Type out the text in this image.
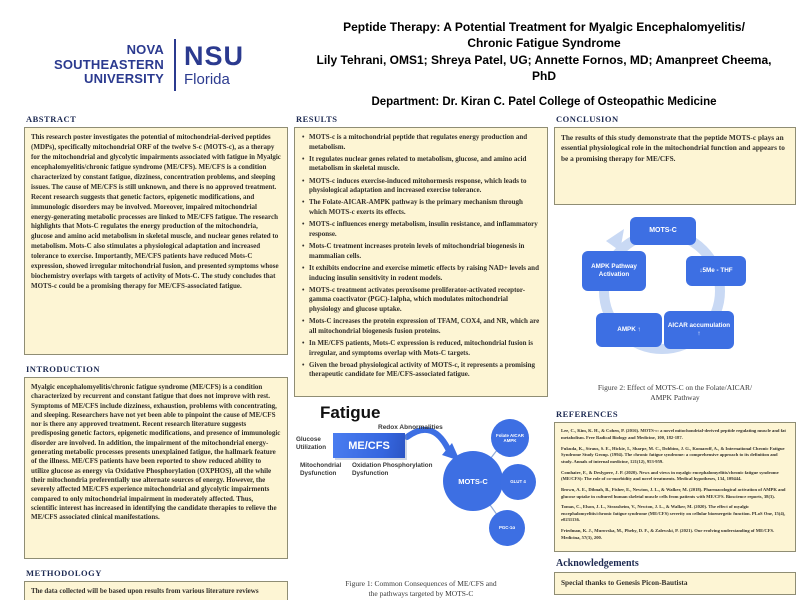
NOVA SOUTHEASTERN
UNIVERSITY
NSU
Florida
Peptide Therapy: A Potential Treatment for Myalgic Encephalomyelitis/
Chronic Fatigue Syndrome
Lily Tehrani, OMS1; Shreya Patel, UG; Annette Fornos, MD; Amanpreet Cheema, PhD
Department: Dr. Kiran C. Patel College of Osteopathic Medicine
ABSTRACT
This research poster investigates the potential of mitochondrial-derived peptides (MDPs), specifically mitochondrial ORF of the twelve S-c (MOTS-c), as a therapy for the mitochondrial and glycolytic impairments associated with fatigue in Myalgic encephalomyelitis/chronic fatigue syndrome (ME/CFS). ME/CFS is a condition characterized by constant fatigue, dizziness, concentration problems, and sleeping issues. The cause of ME/CFS is still unknown, and there is no approved treatment. Recent research suggests that genetic factors, epigenetic modifications, and immunologic disorders may be involved. Moreover, impaired mitochondrial energy-generating metabolic processes are linked to ME/CFS fatigue. The research highlights that Mots-C regulates the energy production of the mitochondria, glucose and amino acid metabolism in skeletal muscle, and nuclear genes related to metabolism. Mots-C also stimulates a physiological adaptation and increased tolerance to exercise. Importantly, ME/CFS patients have reduced Mots-C expression, showed irregular mitochondrial fusion, and presented symptoms whose biochemistry overlaps with targets of activity of Mots-C. The study concludes that MOTS-c could be a promising therapy for ME/CFS-associated fatigue.
INTRODUCTION
Myalgic encephalomyelitis/chronic fatigue syndrome (ME/CFS) is a condition characterized by recurrent and constant fatigue that does not improve with rest. Symptoms of ME/CFS include dizziness, exhaustion, problems with concentrating, and sleeping. Researchers have not yet been able to pinpoint the cause of ME/CFS nor is there any approved treatment. Recent research literature suggests predisposing genetic factors, epigenetic modifications, and presence of immunologic disorder are involved. In addition, the impairment of the mitochondrial energy-generating metabolic processes presents unexplained fatigue, the hallmark feature of the illness. ME/CFS patients have been reported to show reduced ability to utilize glucose as energy via Oxidative Phosphorylation (OXPHOS), all the while their mitochondria preferentially use alternate sources of energy. However, the severely affected ME/CFS experience mitochondrial and glycolytic impairments compared to only mitochondrial impairment in moderately affected. Thus, scientific interest has increased in identifying the candidate therapies to relieve the ME/CFS associated clinical manifestations.
METHODOLOGY
The data collected will be based upon results from various literature reviews
RESULTS
• MOTS-c is a mitochondrial peptide that regulates energy production and metabolism.
• It regulates nuclear genes related to metabolism, glucose, and amino acid metabolism in skeletal muscle.
• MOTS-c induces exercise-induced mitohormesis response, which leads to physiological adaptation and increased exercise tolerance.
• The Folate-AICAR-AMPK pathway is the primary mechanism through which MOTS-c exerts its effects.
• MOTS-c influences energy metabolism, insulin resistance, and inflammatory response.
• Mots-C treatment increases protein levels of mitochondrial biogenesis in mammalian cells.
• It exhibits endocrine and exercise mimetic effects by raising NAD+ levels and inducing insulin sensitivity in rodent models.
• MOTS-c treatment activates peroxisome proliferator-activated receptor-gamma coactivator (PGC)-1alpha, which modulates mitochondrial physiology and glucose uptake.
• Mots-C increases the protein expression of TFAM, COX4, and NR, which are all mitochondrial biogenesis fusion proteins.
• In ME/CFS patients, Mots-C expression is reduced, mitochondrial fusion is irregular, and symptoms overlap with Mots-C targets.
• Given the broad physiological activity of MOTS-c, it represents a promising therapeutic candidate for ME/CFS-associated fatigue.
Fatigue
Redox Abnormalities
ME/CFS
Glucose Utilization
Mitochondrial Dysfunction
Oxidation Phosphorylation Dysfunction
MOTS-C
Folate AICAR AMPK
GLUT 4
PGC-1α
Figure 1: Common Consequences of ME/CFS and
the pathways targeted by MOTS-C
CONCLUSION
The results of this study demonstrate that the peptide MOTS-c plays an essential physiological role in the mitochondrial function and appears to be a promising therapy for ME/CFS.
MOTS-C
↓5Me - THF
AICAR accumulation ↑
AMPK ↑
AMPK Pathway Activation
Figure 2: Effect of MOTS-C on the Folate/AICAR/
AMPK Pathway
REFERENCES

Lee, C., Kim, K. H., & Cohen, P. (2016). MOTS-c: a novel mitochondrial-derived peptide regulating muscle and fat metabolism. Free Radical Biology and Medicine, 100, 182-187.

Fukuda, K., Straus, S. E., Hickie, I., Sharpe, M. C., Dobbins, J. G., Komaroff, A., & International Chronic Fatigue Syndrome Study Group. (1994). The chronic fatigue syndrome: a comprehensive approach to its definition and study. Annals of internal medicine, 121(12), 953-959.

Comhaire, F., & Deslypere, J. P. (2020). News and views in myalgic encephalomyelitis/chronic fatigue syndrome (ME/CFS): The role of co-morbidity and novel treatments. Medical hypotheses, 134, 109444.

Brown, A. E., Dibnah, B., Fisher, E., Newton, J. L., & Walker, M. (2018). Pharmacological activation of AMPK and glucose uptake in cultured human skeletal muscle cells from patients with ME/CFS. Bioscience reports, 38(3).

Tomas, C., Elson, J. L., Strassheim, V., Newton, J. L., & Walker, M. (2020). The effect of myalgic encephalomyelitis/chronic fatigue syndrome (ME/CFS) severity on cellular bioenergetic function. PLoS One, 15(4), e0231136.

Friedman, K. J., Murovska, M., Pheby, D. F., & Zalewski, P. (2021). Our evolving understanding of ME/CFS. Medicina, 57(3), 200.

Acknowledgements
Special thanks to Genesis Picon-Bautista
